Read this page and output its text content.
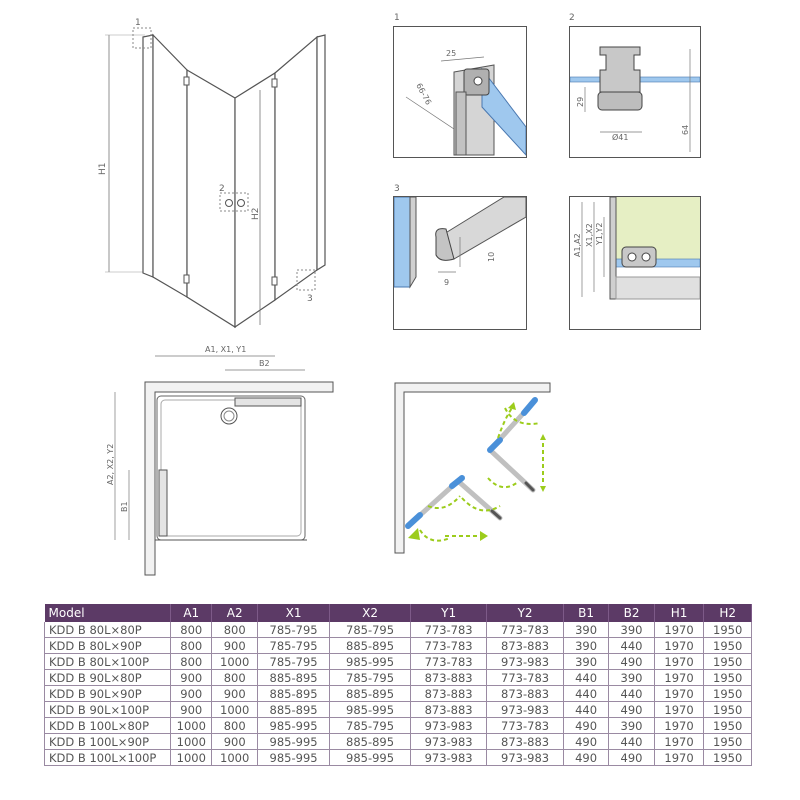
H1
1
2
3
H2
1
25
66-76
2
29
Ø41
64
3
10
9
A1,A2 X1,X2 Y1,Y2
A1, X1, Y1
B2
A2, X2, Y2
B1
Model	A1	A2	X1	X2	Y1	Y2	B1	B2	H1	H2
KDD B 80L×80P	800	800	785-795	785-795	773-783	773-783	390	390	1970	1950
KDD B 80L×90P	800	900	785-795	885-895	773-783	873-883	390	440	1970	1950
KDD B 80L×100P	800	1000	785-795	985-995	773-783	973-983	390	490	1970	1950
KDD B 90L×80P	900	800	885-895	785-795	873-883	773-783	440	390	1970	1950
KDD B 90L×90P	900	900	885-895	885-895	873-883	873-883	440	440	1970	1950
KDD B 90L×100P	900	1000	885-895	985-995	873-883	973-983	440	490	1970	1950
KDD B 100L×80P	1000	800	985-995	785-795	973-983	773-783	490	390	1970	1950
KDD B 100L×90P	1000	900	985-995	885-895	973-983	873-883	490	440	1970	1950
KDD B 100L×100P	1000	1000	985-995	985-995	973-983	973-983	490	490	1970	1950
